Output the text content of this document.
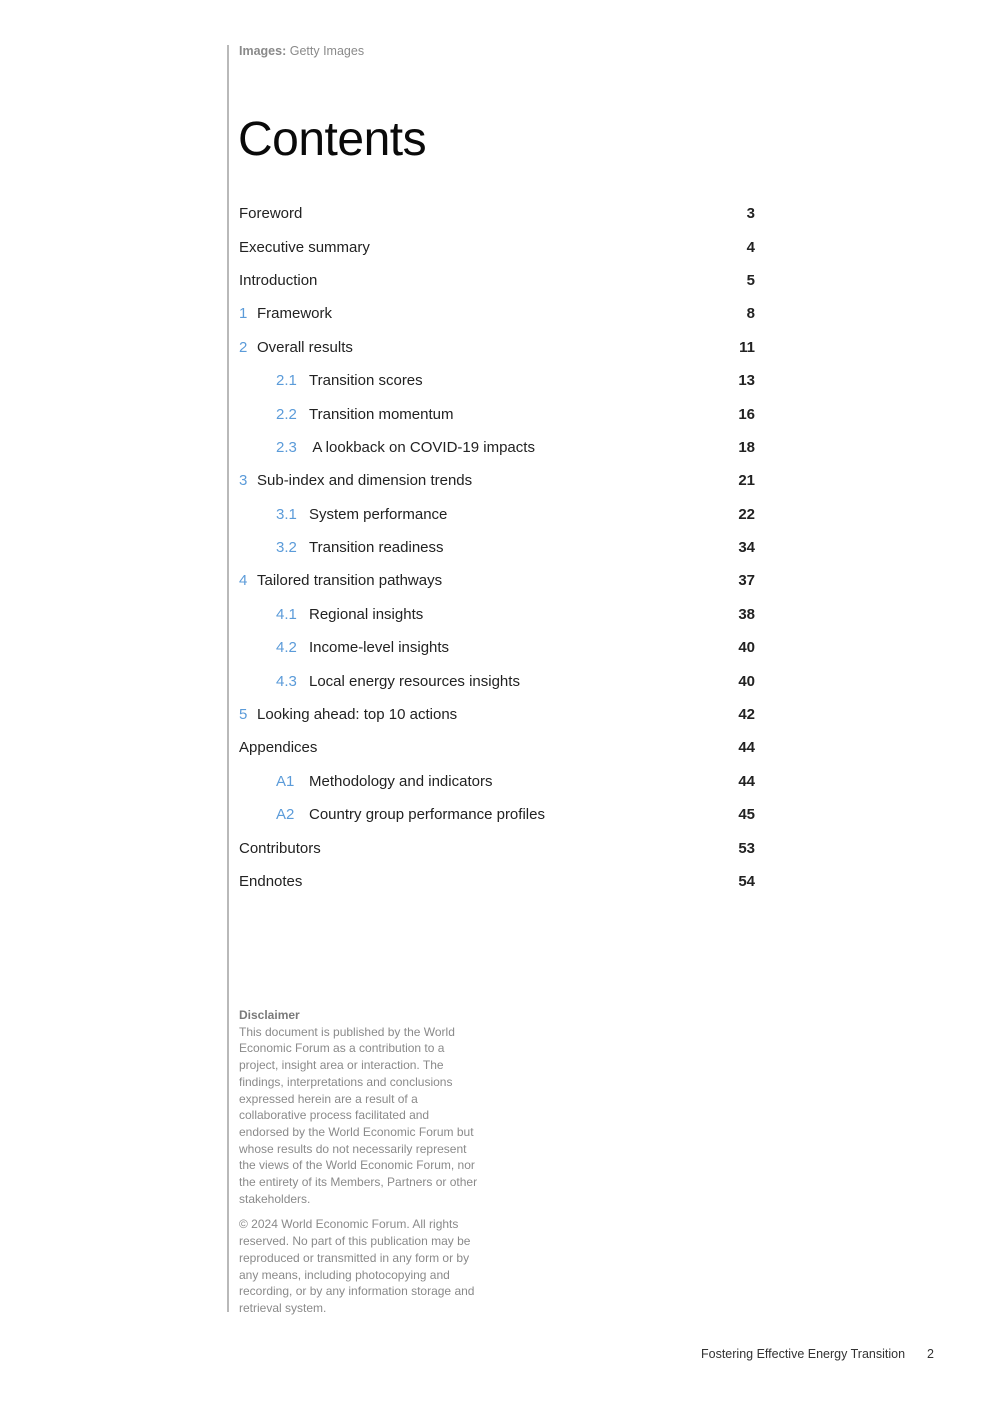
Images: Getty Images
Contents
Foreword	3
Executive summary	4
Introduction	5
1 Framework	8
2 Overall results	11
2.1 Transition scores	13
2.2 Transition momentum	16
2.3 A lookback on COVID-19 impacts	18
3 Sub-index and dimension trends	21
3.1 System performance	22
3.2 Transition readiness	34
4 Tailored transition pathways	37
4.1 Regional insights	38
4.2 Income-level insights	40
4.3 Local energy resources insights	40
5 Looking ahead: top 10 actions	42
Appendices	44
A1 Methodology and indicators	44
A2 Country group performance profiles	45
Contributors	53
Endnotes	54
Disclaimer

This document is published by the World Economic Forum as a contribution to a project, insight area or interaction. The findings, interpretations and conclusions expressed herein are a result of a collaborative process facilitated and endorsed by the World Economic Forum but whose results do not necessarily represent the views of the World Economic Forum, nor the entirety of its Members, Partners or other stakeholders.

© 2024 World Economic Forum. All rights reserved. No part of this publication may be reproduced or transmitted in any form or by any means, including photocopying and recording, or by any information storage and retrieval system.

Fostering Effective Energy Transition 2
